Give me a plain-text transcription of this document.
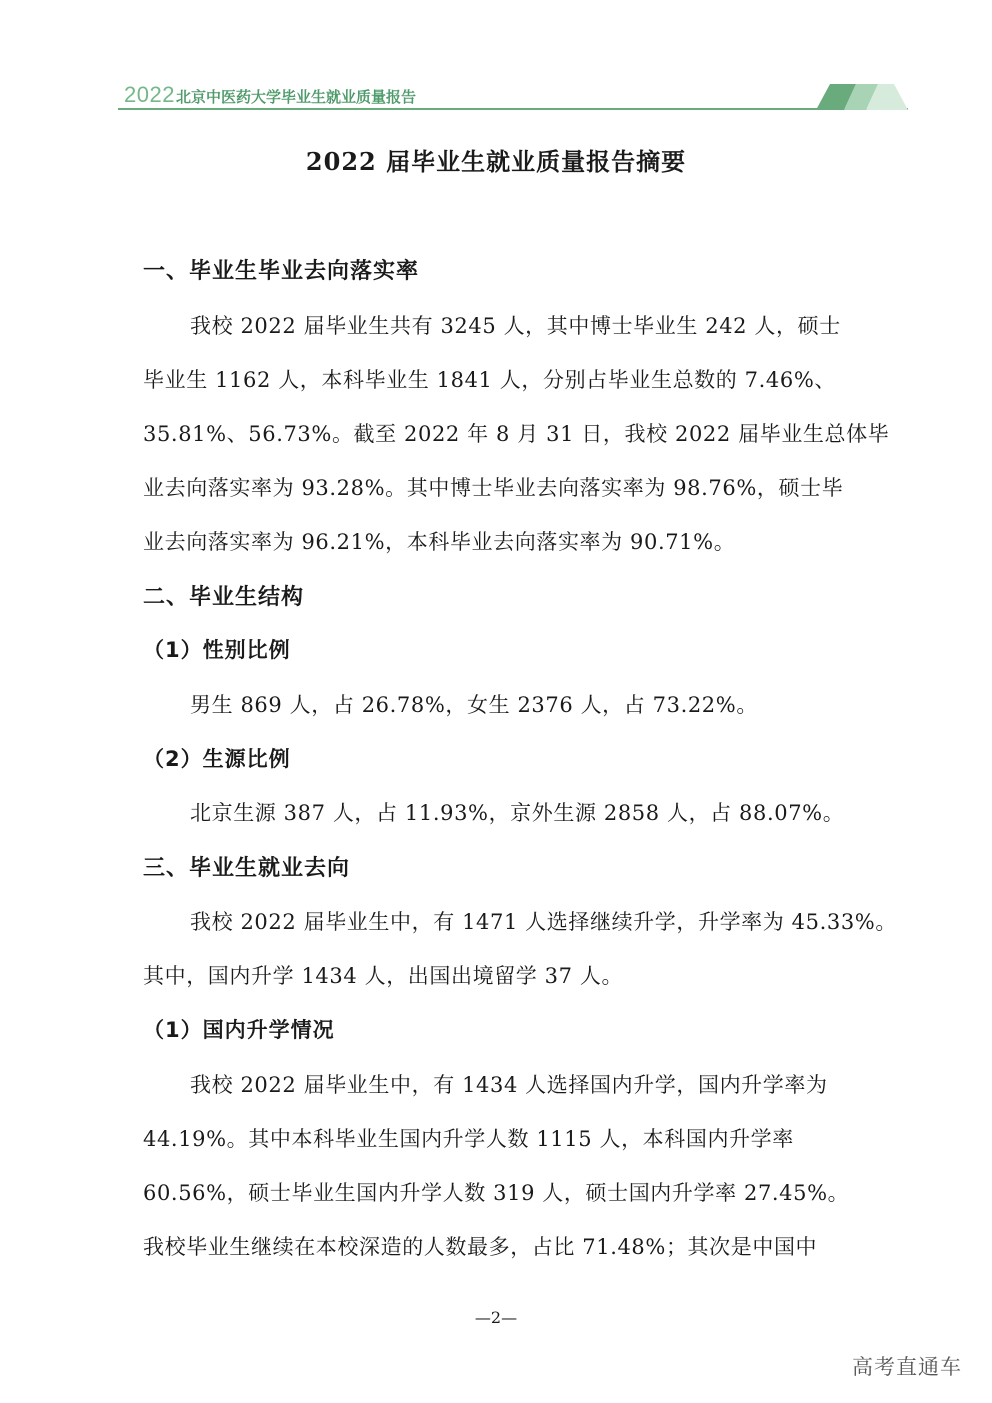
2022 北京中医药大学毕业生就业质量报告
2022 届毕业生就业质量报告摘要
一、毕业生毕业去向落实率
我校 2022 届毕业生共有 3245 人，其中博士毕业生 242 人，硕士
毕业生 1162 人，本科毕业生 1841 人，分别占毕业生总数的 7.46%、
35.81%、56.73%。截至 2022 年 8 月 31 日，我校 2022 届毕业生总体毕
业去向落实率为 93.28%。其中博士毕业去向落实率为 98.76%，硕士毕
业去向落实率为 96.21%，本科毕业去向落实率为 90.71%。
二、毕业生结构
（1）性别比例
男生 869 人，占 26.78%，女生 2376 人，占 73.22%。
（2）生源比例
北京生源 387 人，占 11.93%，京外生源 2858 人，占 88.07%。
三、毕业生就业去向
我校 2022 届毕业生中，有 1471 人选择继续升学，升学率为 45.33%。
其中，国内升学 1434 人，出国出境留学 37 人。
（1）国内升学情况
我校 2022 届毕业生中，有 1434 人选择国内升学，国内升学率为
44.19%。其中本科毕业生国内升学人数 1115 人，本科国内升学率
60.56%，硕士毕业生国内升学人数 319 人，硕士国内升学率 27.45%。
我校毕业生继续在本校深造的人数最多，占比 71.48%；其次是中国中
—2—
高考直通车
